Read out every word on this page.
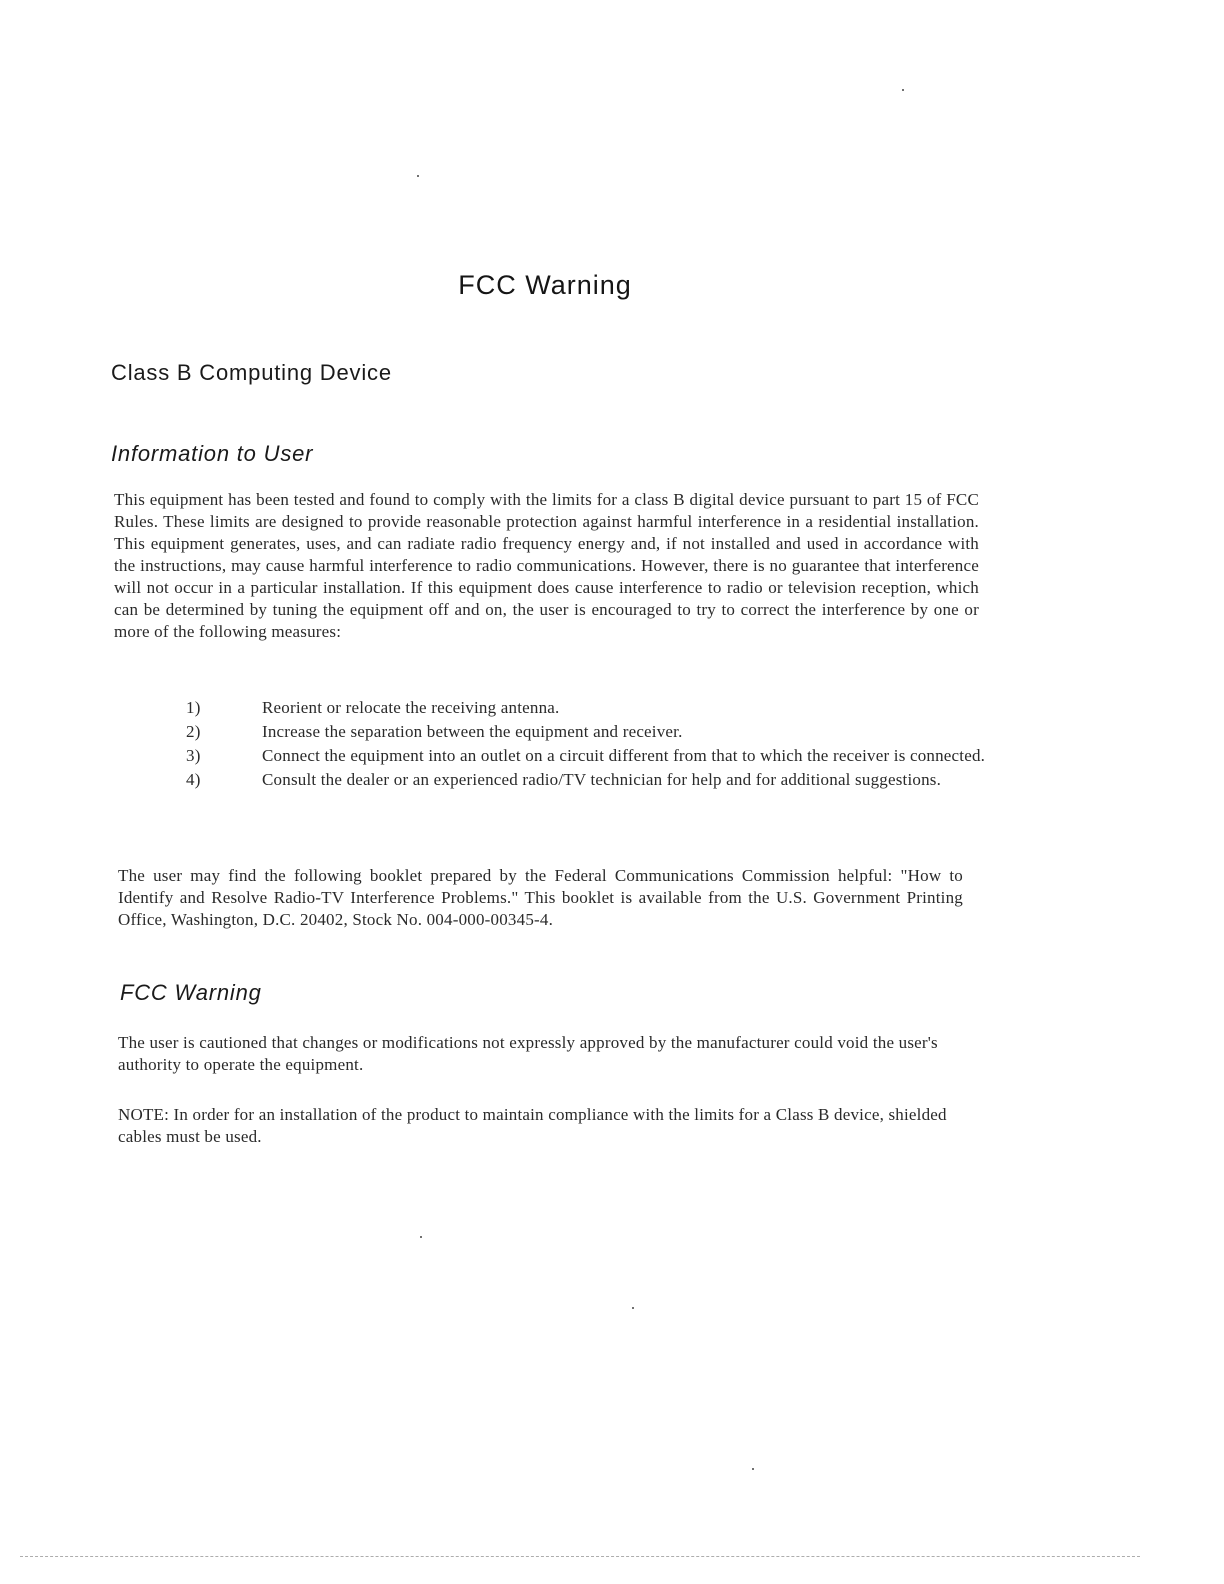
FCC Warning
Class B Computing Device
Information to User
This equipment has been tested and found to comply with the limits for a class B digital device pursuant to part 15 of FCC Rules. These limits are designed to provide reasonable protection against harmful interference in a residential installation. This equipment generates, uses, and can radiate radio frequency energy and, if not installed and used in accordance with the instructions, may cause harmful interference to radio communications. However, there is no guarantee that interference will not occur in a particular installation. If this equipment does cause interference to radio or television reception, which can be determined by tuning the equipment off and on, the user is encouraged to try to correct the interference by one or more of the following measures:
1)	Reorient or relocate the receiving antenna.
2)	Increase the separation between the equipment and receiver.
3)	Connect the equipment into an outlet on a circuit different from that to which the receiver is connected.
4)	Consult the dealer or an experienced radio/TV technician for help and for additional suggestions.
The user may find the following booklet prepared by the Federal Communications Commission helpful: "How to Identify and Resolve Radio-TV Interference Problems." This booklet is available from the U.S. Government Printing Office, Washington, D.C. 20402, Stock No. 004-000-00345-4.
FCC Warning
The user is cautioned that changes or modifications not expressly approved by the manufacturer could void the user's authority to operate the equipment.
NOTE: In order for an installation of the product to maintain compliance with the limits for a Class B device, shielded cables must be used.
